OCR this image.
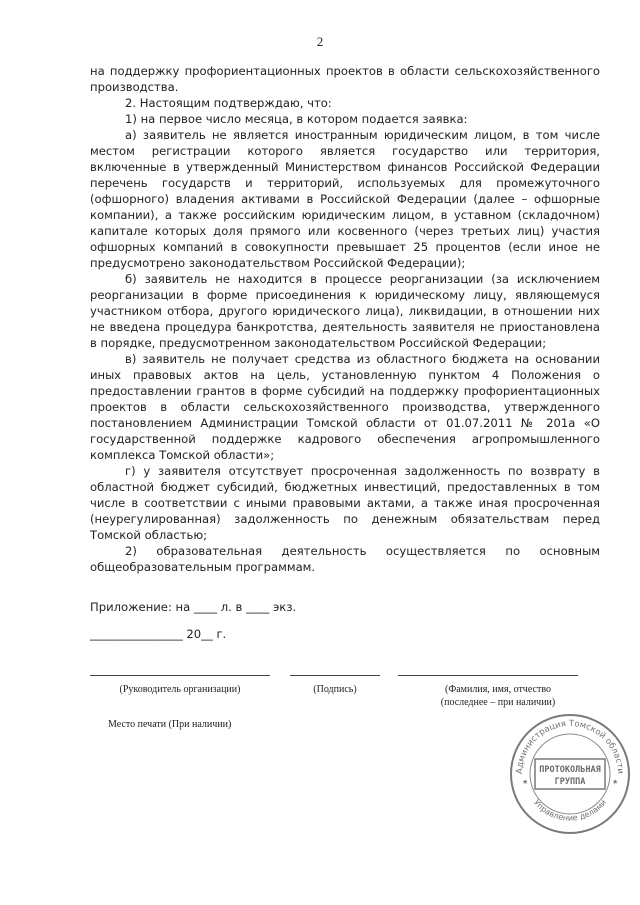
2

на поддержку профориентационных проектов в области сельскохозяйственного производства.

2. Настоящим подтверждаю, что:

1) на первое число месяца, в котором подается заявка:

а) заявитель не является иностранным юридическим лицом, в том числе местом регистрации которого является государство или территория, включенные в утвержденный Министерством финансов Российской Федерации перечень государств и территорий, используемых для промежуточного (офшорного) владения активами в Российской Федерации (далее – офшорные компании), а также российским юридическим лицом, в уставном (складочном) капитале которых доля прямого или косвенного (через третьих лиц) участия офшорных компаний в совокупности превышает 25 процентов (если иное не предусмотрено законодательством Российской Федерации);

б) заявитель не находится в процессе реорганизации (за исключением реорганизации в форме присоединения к юридическому лицу, являющемуся участником отбора, другого юридического лица), ликвидации, в отношении них не введена процедура банкротства, деятельность заявителя не приостановлена в порядке, предусмотренном законодательством Российской Федерации;

в) заявитель не получает средства из областного бюджета на основании иных правовых актов на цель, установленную пунктом 4 Положения о предоставлении грантов в форме субсидий на поддержку профориентационных проектов в области сельскохозяйственного производства, утвержденного постановлением Администрации Томской области от 01.07.2011 № 201а «О государственной поддержке кадрового обеспечения агропромышленного комплекса Томской области»;

г) у заявителя отсутствует просроченная задолженность по возврату в областной бюджет субсидий, бюджетных инвестиций, предоставленных в том числе в соответствии с иными правовыми актами, а также иная просроченная (неурегулированная) задолженность по денежным обязательствам перед Томской областью;

2) образовательная деятельность осуществляется по основным общеобразовательным программам.

Приложение: на ____ л. в ____ экз.
________________ 20__ г.
(Руководитель организации)	(Подпись)	(Фамилия, имя, отчество
(последнее – при наличии)
Место печати (При наличии)
Администрация Томской области
Управление делами
ПРОТОКОЛЬНАЯ
ГРУППА
★	★
